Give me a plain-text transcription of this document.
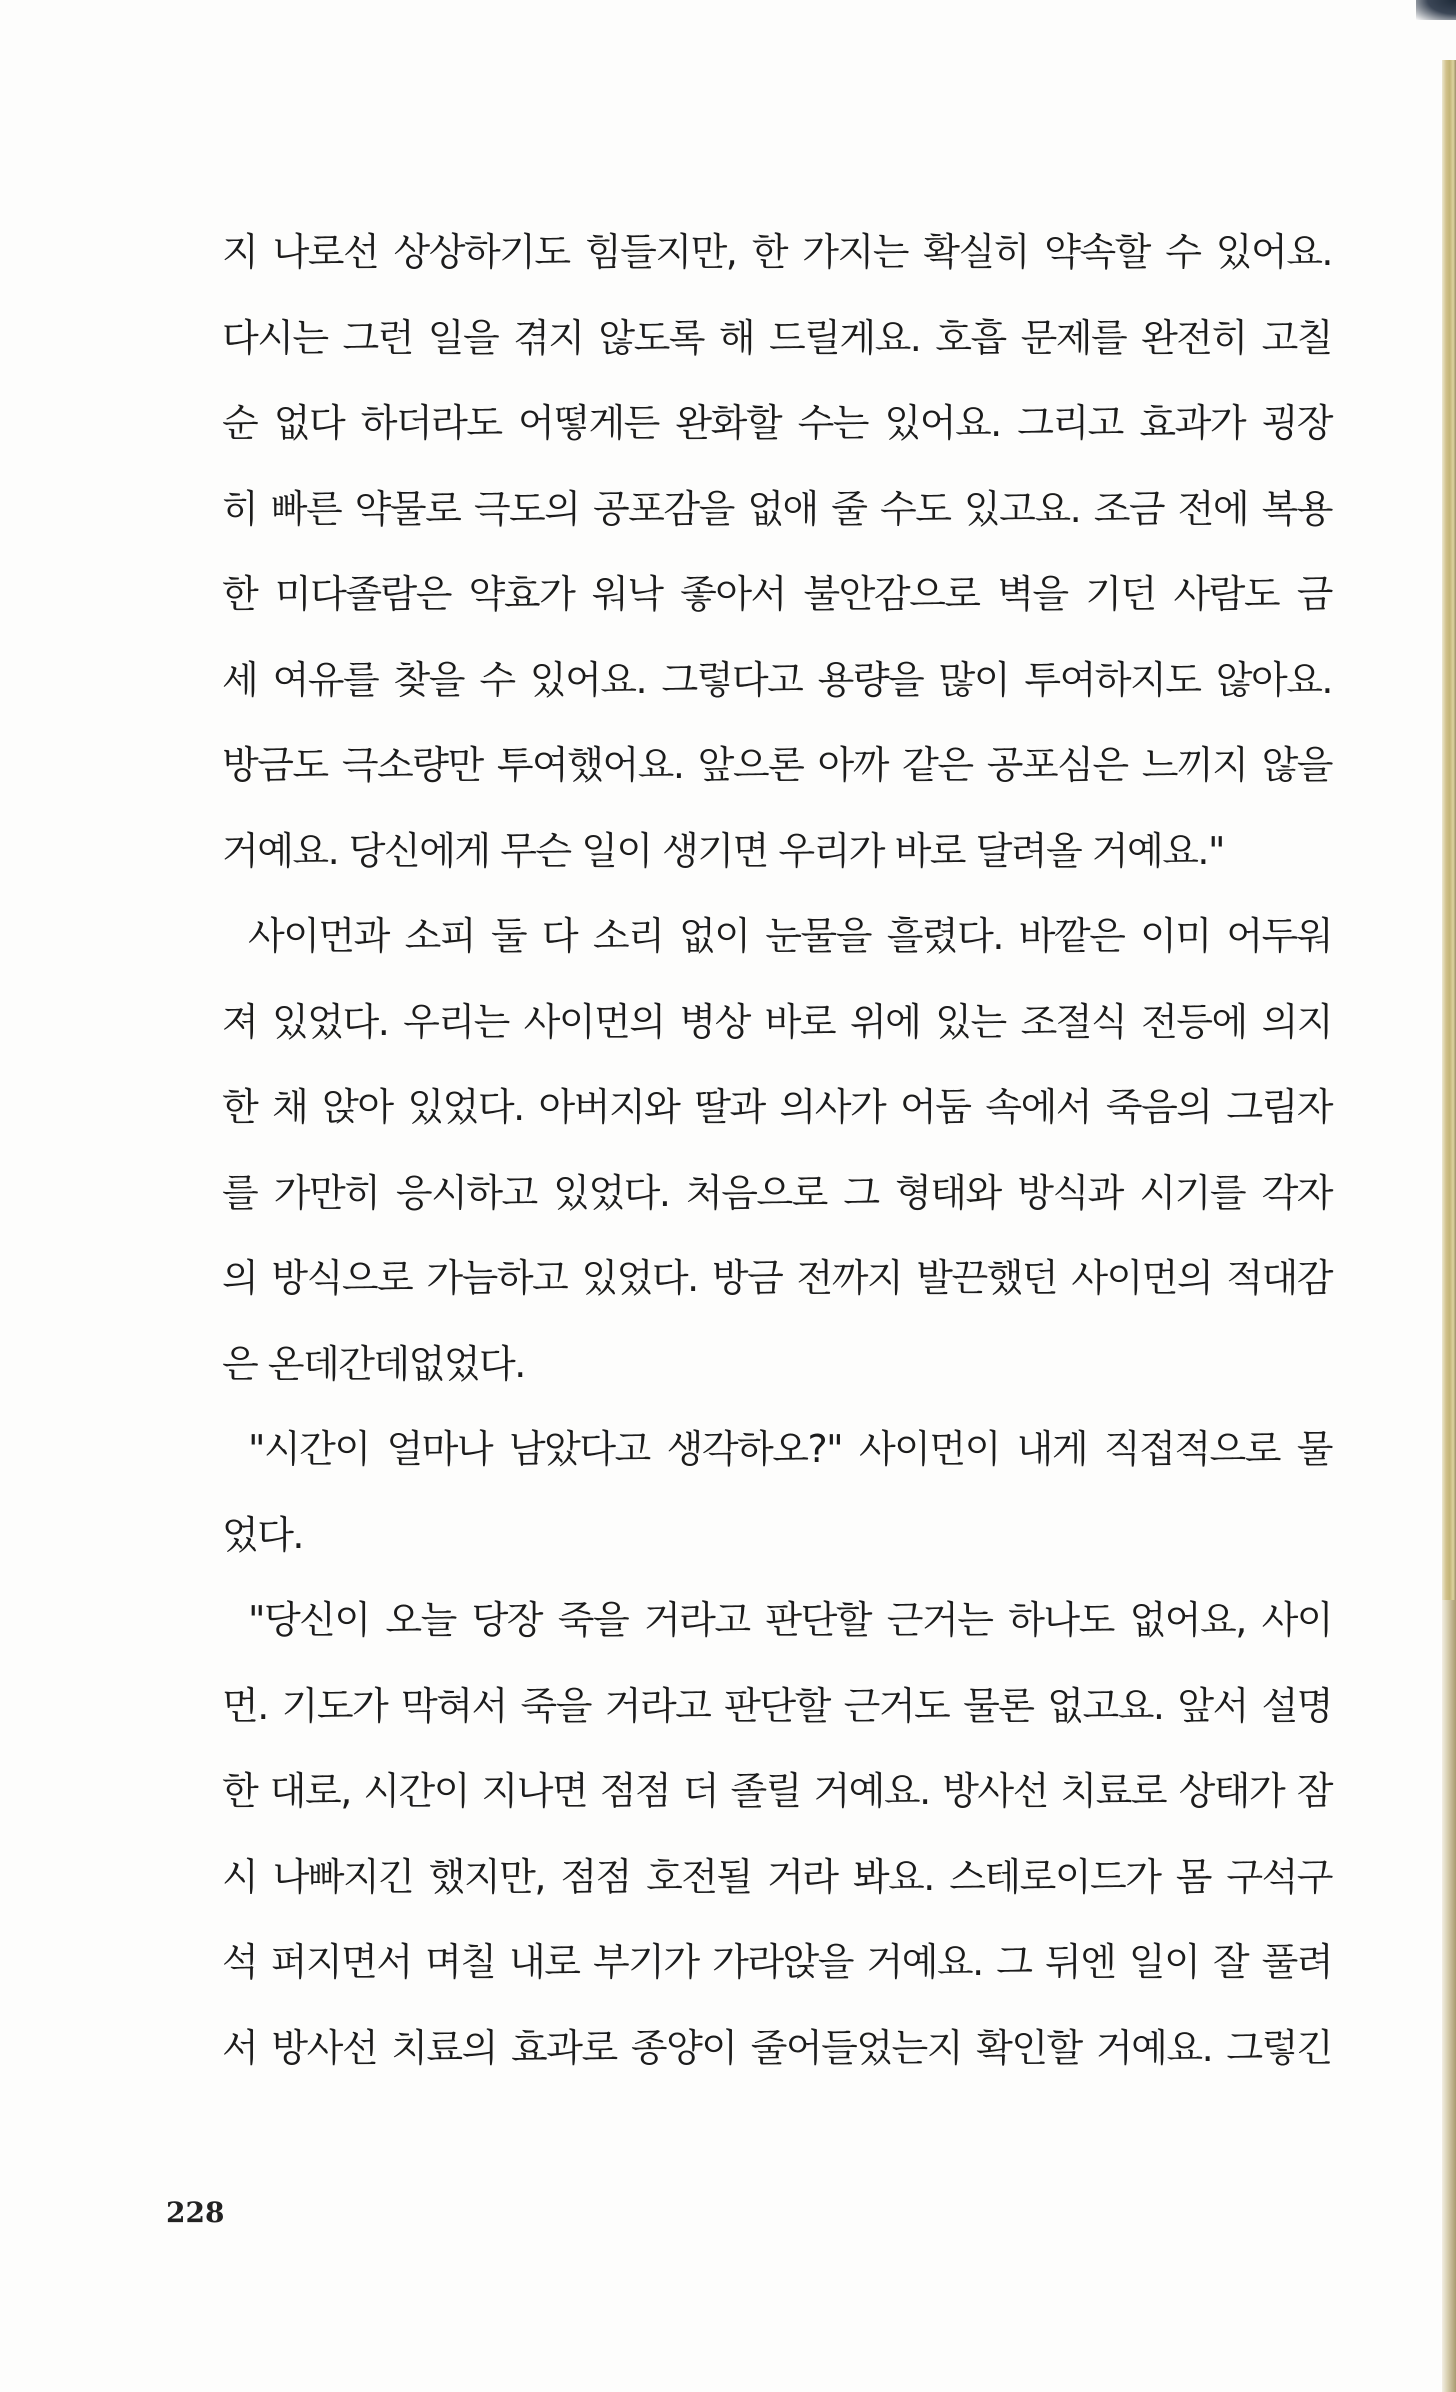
지 나로선 상상하기도 힘들지만, 한 가지는 확실히 약속할 수 있어요.
다시는 그런 일을 겪지 않도록 해 드릴게요. 호흡 문제를 완전히 고칠
순 없다 하더라도 어떻게든 완화할 수는 있어요. 그리고 효과가 굉장
히 빠른 약물로 극도의 공포감을 없애 줄 수도 있고요. 조금 전에 복용
한 미다졸람은 약효가 워낙 좋아서 불안감으로 벽을 기던 사람도 금
세 여유를 찾을 수 있어요. 그렇다고 용량을 많이 투여하지도 않아요.
방금도 극소량만 투여했어요. 앞으론 아까 같은 공포심은 느끼지 않을
거예요. 당신에게 무슨 일이 생기면 우리가 바로 달려올 거예요."
사이먼과 소피 둘 다 소리 없이 눈물을 흘렸다. 바깥은 이미 어두워
져 있었다. 우리는 사이먼의 병상 바로 위에 있는 조절식 전등에 의지
한 채 앉아 있었다. 아버지와 딸과 의사가 어둠 속에서 죽음의 그림자
를 가만히 응시하고 있었다. 처음으로 그 형태와 방식과 시기를 각자
의 방식으로 가늠하고 있었다. 방금 전까지 발끈했던 사이먼의 적대감
은 온데간데없었다.
"시간이 얼마나 남았다고 생각하오?" 사이먼이 내게 직접적으로 물
었다.
"당신이 오늘 당장 죽을 거라고 판단할 근거는 하나도 없어요, 사이
먼. 기도가 막혀서 죽을 거라고 판단할 근거도 물론 없고요. 앞서 설명
한 대로, 시간이 지나면 점점 더 졸릴 거예요. 방사선 치료로 상태가 잠
시 나빠지긴 했지만, 점점 호전될 거라 봐요. 스테로이드가 몸 구석구
석 퍼지면서 며칠 내로 부기가 가라앉을 거예요. 그 뒤엔 일이 잘 풀려
서 방사선 치료의 효과로 종양이 줄어들었는지 확인할 거예요. 그렇긴
228
